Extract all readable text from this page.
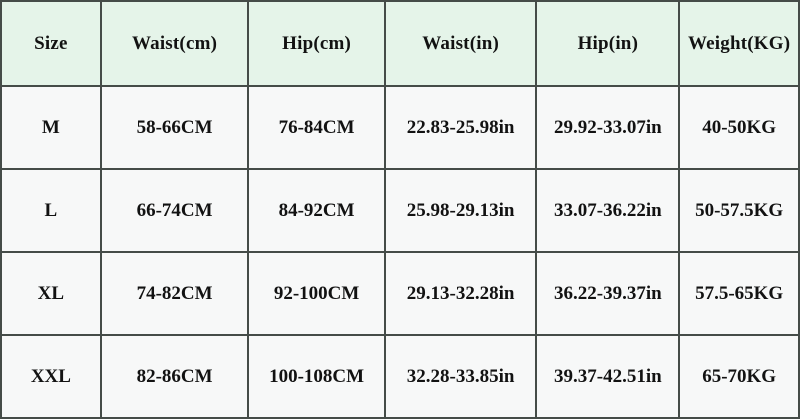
Size	Waist(cm)	Hip(cm)	Waist(in)	Hip(in)	Weight(KG)
M	58-66CM	76-84CM	22.83-25.98in	29.92-33.07in	40-50KG
L	66-74CM	84-92CM	25.98-29.13in	33.07-36.22in	50-57.5KG
XL	74-82CM	92-100CM	29.13-32.28in	36.22-39.37in	57.5-65KG
XXL	82-86CM	100-108CM	32.28-33.85in	39.37-42.51in	65-70KG
